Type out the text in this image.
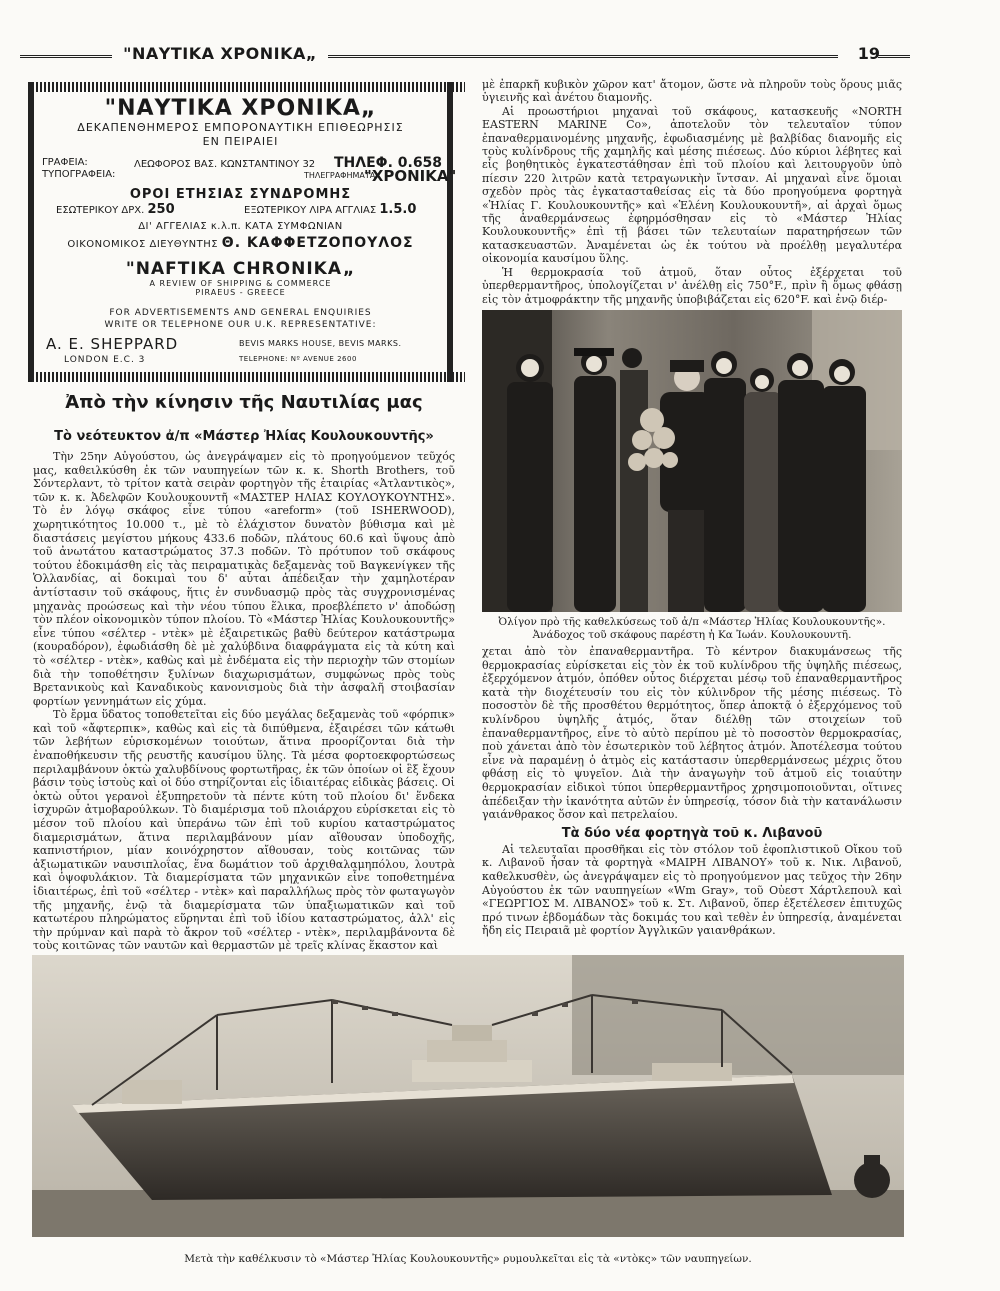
"ΝΑΥΤΙΚΑ ΧΡΟΝΙΚΑ„	19
"ΝΑΥΤΙΚΑ ΧΡΟΝΙΚΑ„
ΔΕΚΑΠΕΝΘΗΜΕΡΟΣ ΕΜΠΟΡΟΝΑΥΤΙΚΗ ΕΠΙΘΕΩΡΗΣΙΣ
ΕΝ ΠΕΙΡΑΙΕΙ
ΓΡΑΦΕΙΑ:
ΤΥΠΟΓΡΑΦΕΙΑ:
ΛΕΩΦΟΡΟΣ ΒΑΣ. ΚΩΝΣΤΑΝΤΙΝΟΥ 32 ΤΗΛΕΦ. 0.658
ΤΗΛΕΓΡΑΦΗΜΑΤΑ
"ΧΡΟΝΙΚΑ"
ΟΡΟΙ ΕΤΗΣΙΑΣ ΣΥΝΔΡΟΜΗΣ
ΕΣΩΤΕΡΙΚΟΥ ΔΡΧ. 250	ΕΞΩΤΕΡΙΚΟΥ ΛΙΡΑ ΑΓΓΛΙΑΣ 1.5.0
ΔΙ' ΑΓΓΕΛΙΑΣ κ.λ.π. ΚΑΤΑ ΣΥΜΦΩΝΙΑΝ
ΟΙΚΟΝΟΜΙΚΟΣ ΔΙΕΥΘΥΝΤΗΣ Θ. ΚΑΦΦΕΤΖΟΠΟΥΛΟΣ
"NAFTIKA CHRONIKA„
A REVIEW OF SHIPPING & COMMERCE
PIRAEUS - GREECE
FOR ADVERTISEMENTS AND GENERAL ENQUIRIES
WRITE OR TELEPHONE OUR U.K. REPRESENTATIVE:
A. E. SHEPPARD
LONDON E.C. 3
BEVIS MARKS HOUSE, BEVIS MARKS.
TELEPHONE: Nº AVENUE 2600
Ἀπὸ τὴν κίνησιν τῆς Ναυτιλίας μας
Τὸ νεότευκτον ἀ/π «Μάστερ Ἠλίας Κουλουκουντῆς»

Τὴν 25ην Αὐγούστου, ὡς ἀνεγράψαμεν εἰς τὸ προηγούμενον τεῦχός μας, καθειλκύσθη ἐκ τῶν ναυπηγείων τῶν κ. κ. Shorth Brothers, τοῦ Σόντερλαντ, τὸ τρίτον κατὰ σειρὰν φορτηγὸν τῆς ἑταιρίας «Ἀτλαντικὸς», τῶν κ. κ. Ἀδελφῶν Κουλουκουντῆ «ΜΑΣΤΕΡ ΗΛΙΑΣ ΚΟΥΛΟΥΚΟΥΝΤΗΣ». Τὸ ἐν λόγῳ σκάφος εἶνε τύπου «areform» (τοῦ ISHERWOOD), χωρητικότητος 10.000 τ., μὲ τὸ ἐλάχιστον δυνατὸν βύθισμα καὶ μὲ διαστάσεις μεγίστου μήκους 433.6 ποδῶν, πλάτους 60.6 καὶ ὕψους ἀπὸ τοῦ ἀνωτάτου καταστρώματος 37.3 ποδῶν. Τὸ πρότυπον τοῦ σκάφους τούτου ἐδοκιμάσθη εἰς τὰς πειραματικὰς δεξαμενὰς τοῦ Βαγκενίγκεν τῆς Ὁλλανδίας, αἱ δοκιμαὶ του δ' αὗται ἀπέδειξαν τὴν χαμηλοτέραν ἀντίστασιν τοῦ σκάφους, ἥτις ἐν συνδυασμῷ πρὸς τὰς συγχρονισμένας μηχανὰς προώσεως καὶ τὴν νέου τύπου ἕλικα, προεβλέπετο ν' ἀποδώσῃ τὸν πλέον οἰκονομικὸν τύπον πλοίου. Τὸ «Μάστερ Ἠλίας Κουλουκουντῆς» εἶνε τύπου «σέλτερ - ντὲκ» μὲ ἐξαιρετικῶς βαθὺ δεύτερον κατάστρωμα (κουραδόρον), ἐφωδιάσθη δὲ μὲ χαλύβδινα διαφράγματα εἰς τὰ κύτη καὶ τὸ «σέλτερ - ντὲκ», καθὼς καὶ μὲ ἐνδέματα εἰς τὴν περιοχὴν τῶν στομίων διὰ τὴν τοποθέτησιν ξυλίνων διαχωρισμάτων, συμφώνως πρὸς τοὺς Βρετανικοὺς καὶ Καναδικοὺς κανονισμοὺς διὰ τὴν ἀσφαλῆ στοιβασίαν φορτίων γεννημάτων εἰς χύμα.

Τὸ ἔρμα ὕδατος τοποθετεῖται εἰς δύο μεγάλας δεξαμενὰς τοῦ «φόρπικ» καὶ τοῦ «ἄφτερπικ», καθὼς καὶ εἰς τὰ διπύθμενα, ἐξαιρέσει τῶν κάτωθι τῶν λεβήτων εὑρισκομένων τοιούτων, ἅτινα προορίζονται διὰ τὴν ἐναποθήκευσιν τῆς ρευστῆς καυσίμου ὕλης. Τὰ μέσα φορτοεκφορτώσεως περιλαμβάνουν ὀκτὼ χαλυβδίνους φορτωτῆρας, ἐκ τῶν ὁποίων οἱ ἓξ ἔχουν βάσιν τοὺς ἱστοὺς καὶ οἱ δύο στηρίζονται εἰς ἰδιαιτέρας εἰδικὰς βάσεις. Οἱ ὀκτὼ οὗτοι γερανοὶ ἐξυπηρετοῦν τὰ πέντε κύτη τοῦ πλοίου δι' ἕνδεκα ἰσχυρῶν ἀτμοβαρούλκων. Τὸ διαμέρισμα τοῦ πλοιάρχου εὑρίσκεται εἰς τὸ μέσον τοῦ πλοίου καὶ ὑπεράνω τῶν ἐπὶ τοῦ κυρίου καταστρώματος διαμερισμάτων, ἅτινα περιλαμβάνουν μίαν αἴθουσαν ὑποδοχῆς, καπνιστήριον, μίαν κοινόχρηστον αἴθουσαν, τοὺς κοιτῶνας τῶν ἀξιωματικῶν ναυσιπλοΐας, ἕνα δωμάτιον τοῦ ἀρχιθαλαμηπόλου, λουτρὰ καὶ ὀψοφυλάκιον. Τὰ διαμερίσματα τῶν μηχανικῶν εἶνε τοποθετημένα ἰδιαιτέρως, ἐπὶ τοῦ «σέλτερ - ντὲκ» καὶ παραλλήλως πρὸς τὸν φωταγωγὸν τῆς μηχανῆς, ἐνῷ τὰ διαμερίσματα τῶν ὑπαξιωματικῶν καὶ τοῦ κατωτέρου πληρώματος εὕρηνται ἐπὶ τοῦ ἰδίου καταστρώματος, ἀλλ' εἰς τὴν πρύμναν καὶ παρὰ τὸ ἄκρον τοῦ «σέλτερ - ντὲκ», περιλαμβάνοντα δὲ τοὺς κοιτῶνας τῶν ναυτῶν καὶ θερμαστῶν μὲ τρεῖς κλίνας ἕκαστον καὶ

μὲ ἐπαρκῆ κυβικὸν χῶρον κατ' ἄτομον, ὥστε νὰ πληροῦν τοὺς ὅρους μιᾶς ὑγιεινῆς καὶ ἀνέτου διαμονῆς.

Αἱ προωστήριοι μηχαναὶ τοῦ σκάφους, κατασκευῆς «NORTH EASTERN MARINE Co», ἀποτελοῦν τὸν τελευταῖον τύπον ἐπαναθερμαινομένης μηχανῆς, ἐφωδιασμένης μὲ βαλβίδας διανομῆς εἰς τοὺς κυλίνδρους τῆς χαμηλῆς καὶ μέσης πιέσεως. Δύο κύριοι λέβητες καὶ εἷς βοηθητικὸς ἐγκατεστάθησαν ἐπὶ τοῦ πλοίου καὶ λειτουργοῦν ὑπὸ πίεσιν 220 λιτρῶν κατὰ τετραγωνικὴν ἴντσαν. Αἱ μηχαναὶ εἶνε ὅμοιαι σχεδὸν πρὸς τὰς ἐγκατασταθείσας εἰς τὰ δύο προηγούμενα φορτηγὰ «Ἠλίας Γ. Κουλουκουντῆς» καὶ «Ἑλένη Κουλουκουντῆ», αἱ ἀρχαὶ ὅμως τῆς ἀναθερμάνσεως ἐφηρμόσθησαν εἰς τὸ «Μάστερ Ἠλίας Κουλουκουντῆς» ἐπὶ τῇ βάσει τῶν τελευταίων παρατηρήσεων τῶν κατασκευαστῶν. Ἀναμένεται ὡς ἐκ τούτου νὰ προέλθῃ μεγαλυτέρα οἰκονομία καυσίμου ὕλης.

Ἡ θερμοκρασία τοῦ ἀτμοῦ, ὅταν οὗτος ἐξέρχεται τοῦ ὑπερθερμαντῆρος, ὑπολογίζεται ν' ἀνέλθῃ εἰς 750°F., πρὶν ἢ ὅμως φθάσῃ εἰς τὸν ἀτμοφράκτην τῆς μηχανῆς ὑποβιβάζεται εἰς 620°F. καὶ ἐνῷ διέρ-

Ὀλίγον πρὸ τῆς καθελκύσεως τοῦ ἀ/π «Μάστερ Ἠλίας Κουλουκουντῆς».

Ἀνάδοχος τοῦ σκάφους παρέστη ἡ Κα Ἰωάν. Κουλουκουντῆ.

χεται ἀπὸ τὸν ἐπαναθερμαντῆρα. Τὸ κέντρον διακυμάνσεως τῆς θερμοκρασίας εὑρίσκεται εἰς τὸν ἐκ τοῦ κυλίνδρου τῆς ὑψηλῆς πιέσεως, ἐξερχόμενον ἀτμόν, ὁπόθεν οὗτος διέρχεται μέσῳ τοῦ ἐπαναθερμαντῆρος κατὰ τὴν διοχέτευσίν του εἰς τὸν κύλινδρον τῆς μέσης πιέσεως. Τὸ ποσοστὸν δὲ τῆς προσθέτου θερμότητος, ὅπερ ἀποκτᾷ ὁ ἐξερχόμενος τοῦ κυλίνδρου ὑψηλῆς ἀτμός, ὅταν διέλθῃ τῶν στοιχείων τοῦ ἐπαναθερμαντῆρος, εἶνε τὸ αὐτὸ περίπου μὲ τὸ ποσοστὸν θερμοκρασίας, ποὺ χάνεται ἀπὸ τὸν ἐσωτερικὸν τοῦ λέβητος ἀτμόν. Ἀποτέλεσμα τούτου εἶνε νὰ παραμένῃ ὁ ἀτμὸς εἰς κατάστασιν ὑπερθερμάνσεως μέχρις ὅτου φθάσῃ εἰς τὸ ψυγεῖον. Διὰ τὴν ἀναγωγὴν τοῦ ἀτμοῦ εἰς τοιαύτην θερμοκρασίαν εἰδικοὶ τύποι ὑπερθερμαντῆρος χρησιμοποιοῦνται, οἵτινες ἀπέδειξαν τὴν ἱκανότητα αὐτῶν ἐν ὑπηρεσίᾳ, τόσον διὰ τὴν κατανάλωσιν γαιάνθρακος ὅσον καὶ πετρελαίου.

Τὰ δύο νέα φορτηγὰ τοῦ κ. Λιβανοῦ

Αἱ τελευταῖαι προσθῆκαι εἰς τὸν στόλον τοῦ ἐφοπλιστικοῦ Οἴκου τοῦ κ. Λιβανοῦ ἦσαν τὰ φορτηγὰ «ΜΑΙΡΗ ΛΙΒΑΝΟΥ» τοῦ κ. Νικ. Λιβανοῦ, καθελκυσθὲν, ὡς ἀνεγράψαμεν εἰς τὸ προηγούμενον μας τεῦχος τὴν 26ην Αὐγούστου ἐκ τῶν ναυπηγείων «Wm Gray», τοῦ Οὐεστ Χάρτλεπουλ καὶ «ΓΕΩΡΓΙΟΣ Μ. ΛΙΒΑΝΟΣ» τοῦ κ. Στ. Λιβανοῦ, ὅπερ ἐξετέλεσεν ἐπιτυχῶς πρό τινων ἑβδομάδων τὰς δοκιμάς του καὶ τεθὲν ἐν ὑπηρεσίᾳ, ἀναμένεται ἤδη εἰς Πειραιᾶ μὲ φορτίον Ἀγγλικῶν γαιανθράκων.

Μετὰ τὴν καθέλκυσιν τὸ «Μάστερ Ἠλίας Κουλουκουντῆς» ρυμουλκεῖται εἰς τὰ «ντὸκς» τῶν ναυπηγείων.
